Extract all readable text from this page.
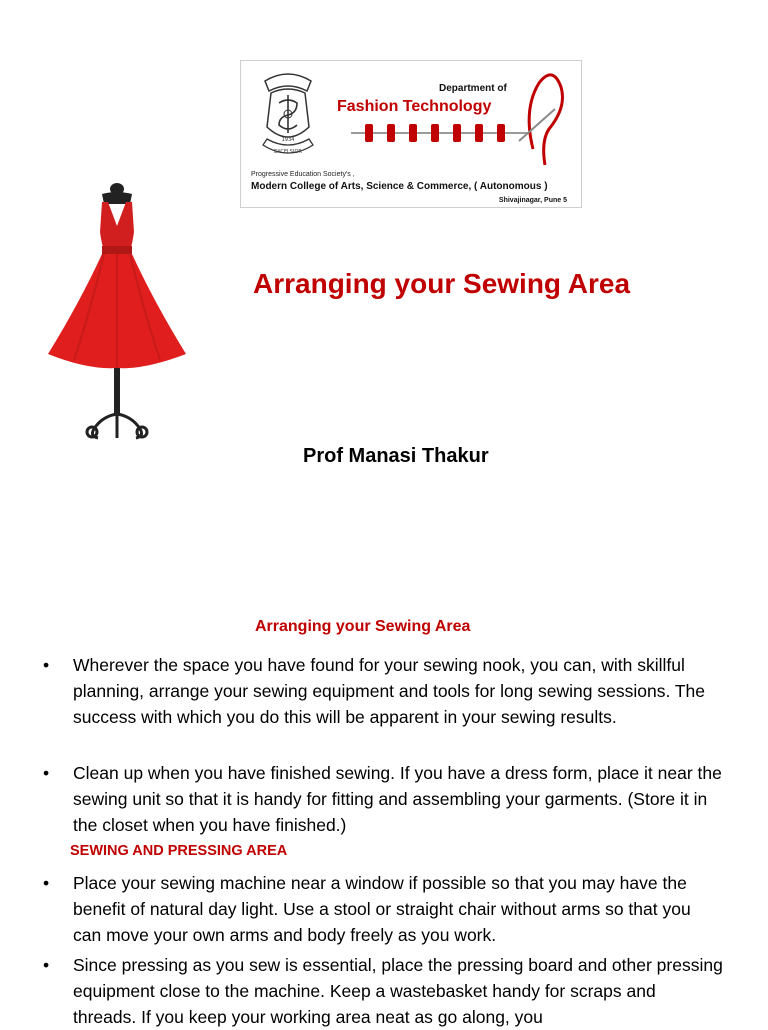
1934
EXCELSIOR
Department of
Fashion Technology
Progressive Education Society's ,
Modern College of Arts, Science & Commerce, ( Autonomous )
Shivajinagar, Pune 5
Arranging your Sewing Area
Prof Manasi Thakur
Arranging your Sewing Area
• Wherever the space you have found for your sewing nook, you can, with skillful planning, arrange your sewing equipment and tools for long sewing sessions. The success with which you do this will be apparent in your sewing results.
• Clean up when you have finished sewing. If you have a dress form, place it near the sewing unit so that it is handy for fitting and assembling your garments. (Store it in the closet when you have finished.)
SEWING AND PRESSING AREA
• Place your sewing machine near a window if possible so that you may have the benefit of natural day light. Use a stool or straight chair without arms so that you can move your own arms and body freely as you work.
• Since pressing as you sew is essential, place the pressing board and other pressing equipment close to the machine. Keep a wastebasket handy for scraps and threads. If you keep your working area neat as go along, you
